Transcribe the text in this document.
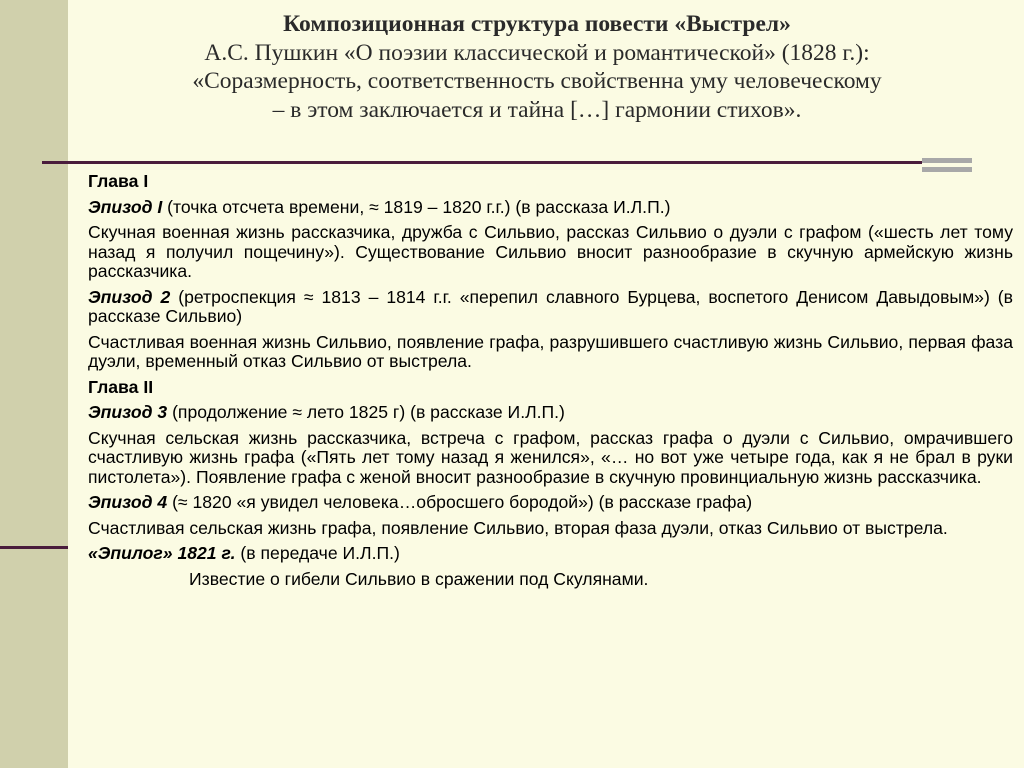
Композиционная структура повести «Выстрел»
А.С. Пушкин «О поэзии классической и романтической» (1828 г.):
«Соразмерность, соответственность свойственна уму человеческому
– в этом заключается и тайна […] гармонии стихов».

Глава I

Эпизод I (точка отсчета времени, ≈ 1819 – 1820 г.г.) (в рассказа И.Л.П.)

Скучная военная жизнь рассказчика, дружба с Сильвио, рассказ Сильвио о дуэли с графом («шесть лет тому назад я получил пощечину»). Существование Сильвио вносит разнообразие в скучную армейскую жизнь рассказчика.

Эпизод 2 (ретроспекция ≈ 1813 – 1814 г.г. «перепил славного Бурцева, воспетого Денисом Давыдовым») (в рассказе Сильвио)

Счастливая военная жизнь Сильвио, появление графа, разрушившего счастливую жизнь Сильвио, первая фаза дуэли, временный отказ Сильвио от выстрела.

Глава II

Эпизод 3 (продолжение ≈ лето 1825 г) (в рассказе И.Л.П.)

Скучная сельская жизнь рассказчика, встреча с графом, рассказ графа о дуэли с Сильвио, омрачившего счастливую жизнь графа («Пять лет тому назад я женился», «… но вот уже четыре года, как я не брал в руки пистолета»). Появление графа с женой вносит разнообразие в скучную провинциальную жизнь рассказчика.

Эпизод 4 (≈ 1820 «я увидел человека…обросшего бородой») (в рассказе графа)

Счастливая сельская жизнь графа, появление Сильвио, вторая фаза дуэли, отказ Сильвио от выстрела.

«Эпилог» 1821 г. (в передаче И.Л.П.)

Известие о гибели Сильвио в сражении под Скулянами.
